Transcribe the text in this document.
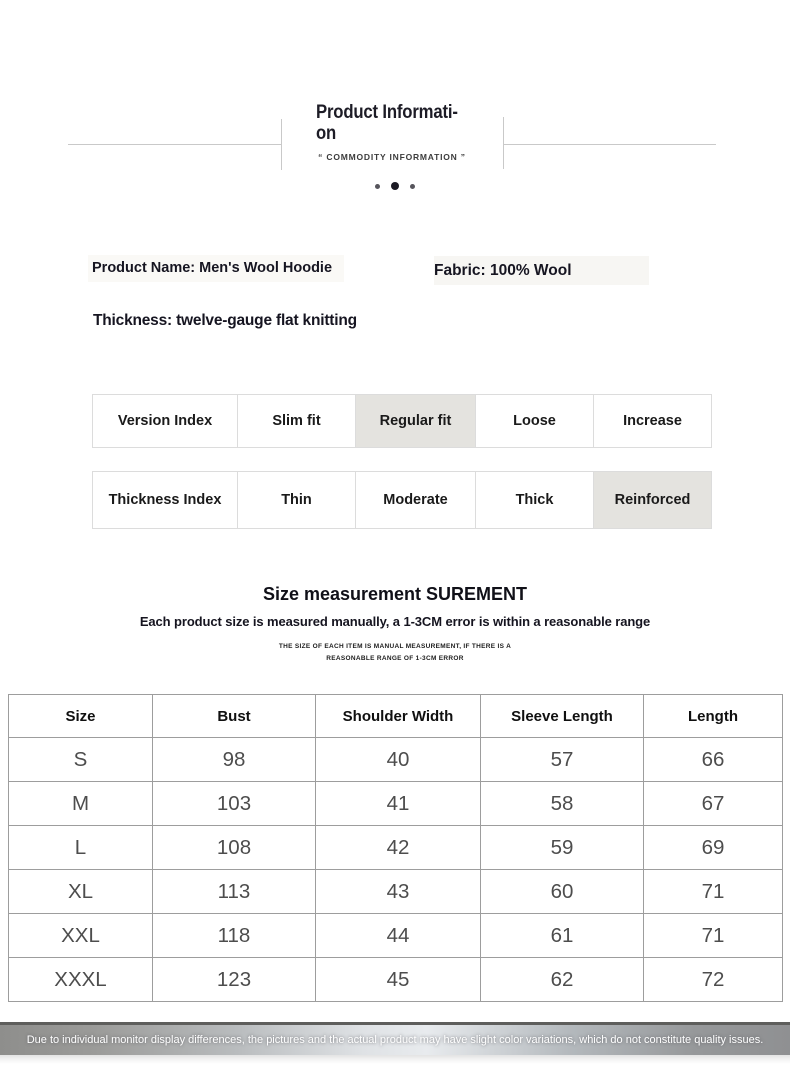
Product Informati-
on
“ COMMODITY INFORMATION ”
Product Name: Men's Wool Hoodie	Fabric: 100% Wool
Thickness: twelve-gauge flat knitting
Version Index	Slim fit	Regular fit	Loose	Increase
Thickness Index	Thin	Moderate	Thick	Reinforced
Size measurement SUREMENT
Each product size is measured manually, a 1-3CM error is within a reasonable range
THE SIZE OF EACH ITEM IS MANUAL MEASUREMENT, IF THERE IS A
REASONABLE RANGE OF 1-3CM ERROR
Size	Bust	Shoulder Width	Sleeve Length	Length
S	98	40	57	66
M	103	41	58	67
L	108	42	59	69
XL	113	43	60	71
XXL	118	44	61	71
XXXL	123	45	62	72
Due to individual monitor display differences, the pictures and the actual product may have slight color variations, which do not constitute quality issues.
